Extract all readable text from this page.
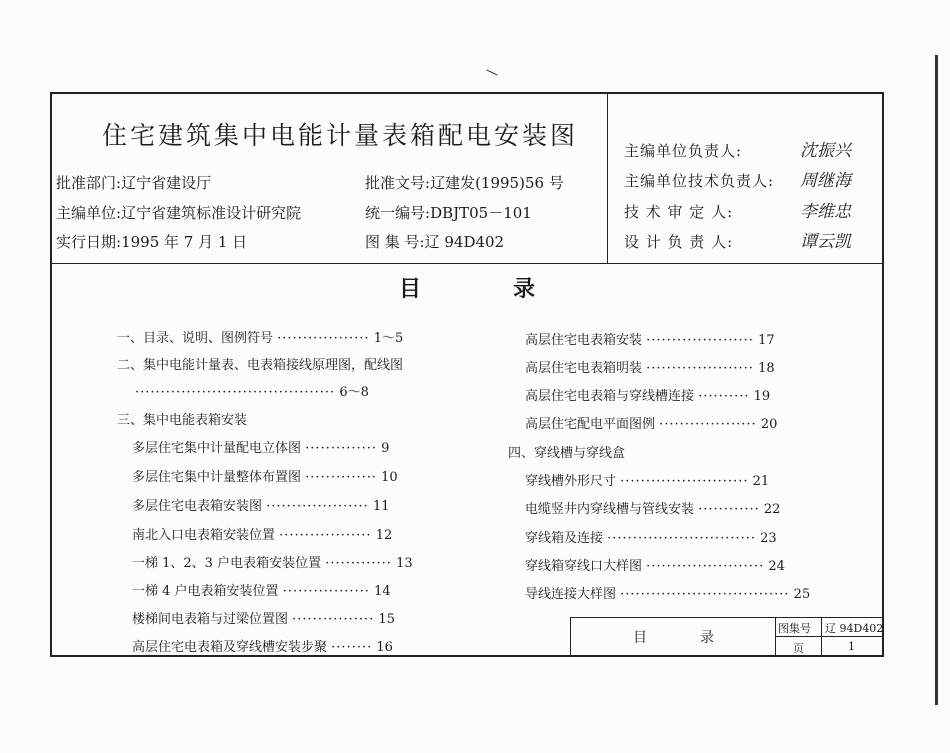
住宅建筑集中电能计量表箱配电安装图
批准部门:辽宁省建设厅
主编单位:辽宁省建筑标准设计研究院
实行日期:1995 年 7 月 1 日
批准文号:辽建发(1995)56 号
统一编号:DBJT05－101
图 集 号:辽 94D402
主编单位负责人:	沈振兴
主编单位技术负责人: 周继海
技 术 审 定 人:	李维忠
设 计 负 责 人:	谭云凯
目	录
一、目录、说明、图例符号 ·················· 1～5
二、集中电能计量表、电表箱接线原理图，配线图
······································· 6～8
三、集中电能表箱安装
多层住宅集中计量配电立体图 ·············· 9
多层住宅集中计量整体布置图 ·············· 10
多层住宅电表箱安装图 ···················· 11
南北入口电表箱安装位置 ·················· 12
一梯 1、2、3 户电表箱安装位置 ············· 13
一梯 4 户电表箱安装位置 ················· 14
楼梯间电表箱与过梁位置图 ················ 15
高层住宅电表箱及穿线槽安装步聚 ········ 16
高层住宅电表箱安装 ····················· 17
高层住宅电表箱明装 ····················· 18
高层住宅电表箱与穿线槽连接 ·········· 19
高层住宅配电平面图例 ··················· 20
四、穿线槽与穿线盒
穿线槽外形尺寸 ························· 21
电缆竖井内穿线槽与管线安装 ············ 22
穿线箱及连接 ····························· 23
穿线箱穿线口大样图 ······················· 24
导线连接大样图 ································· 25
目	录
图集号 辽 94D402
页	1
